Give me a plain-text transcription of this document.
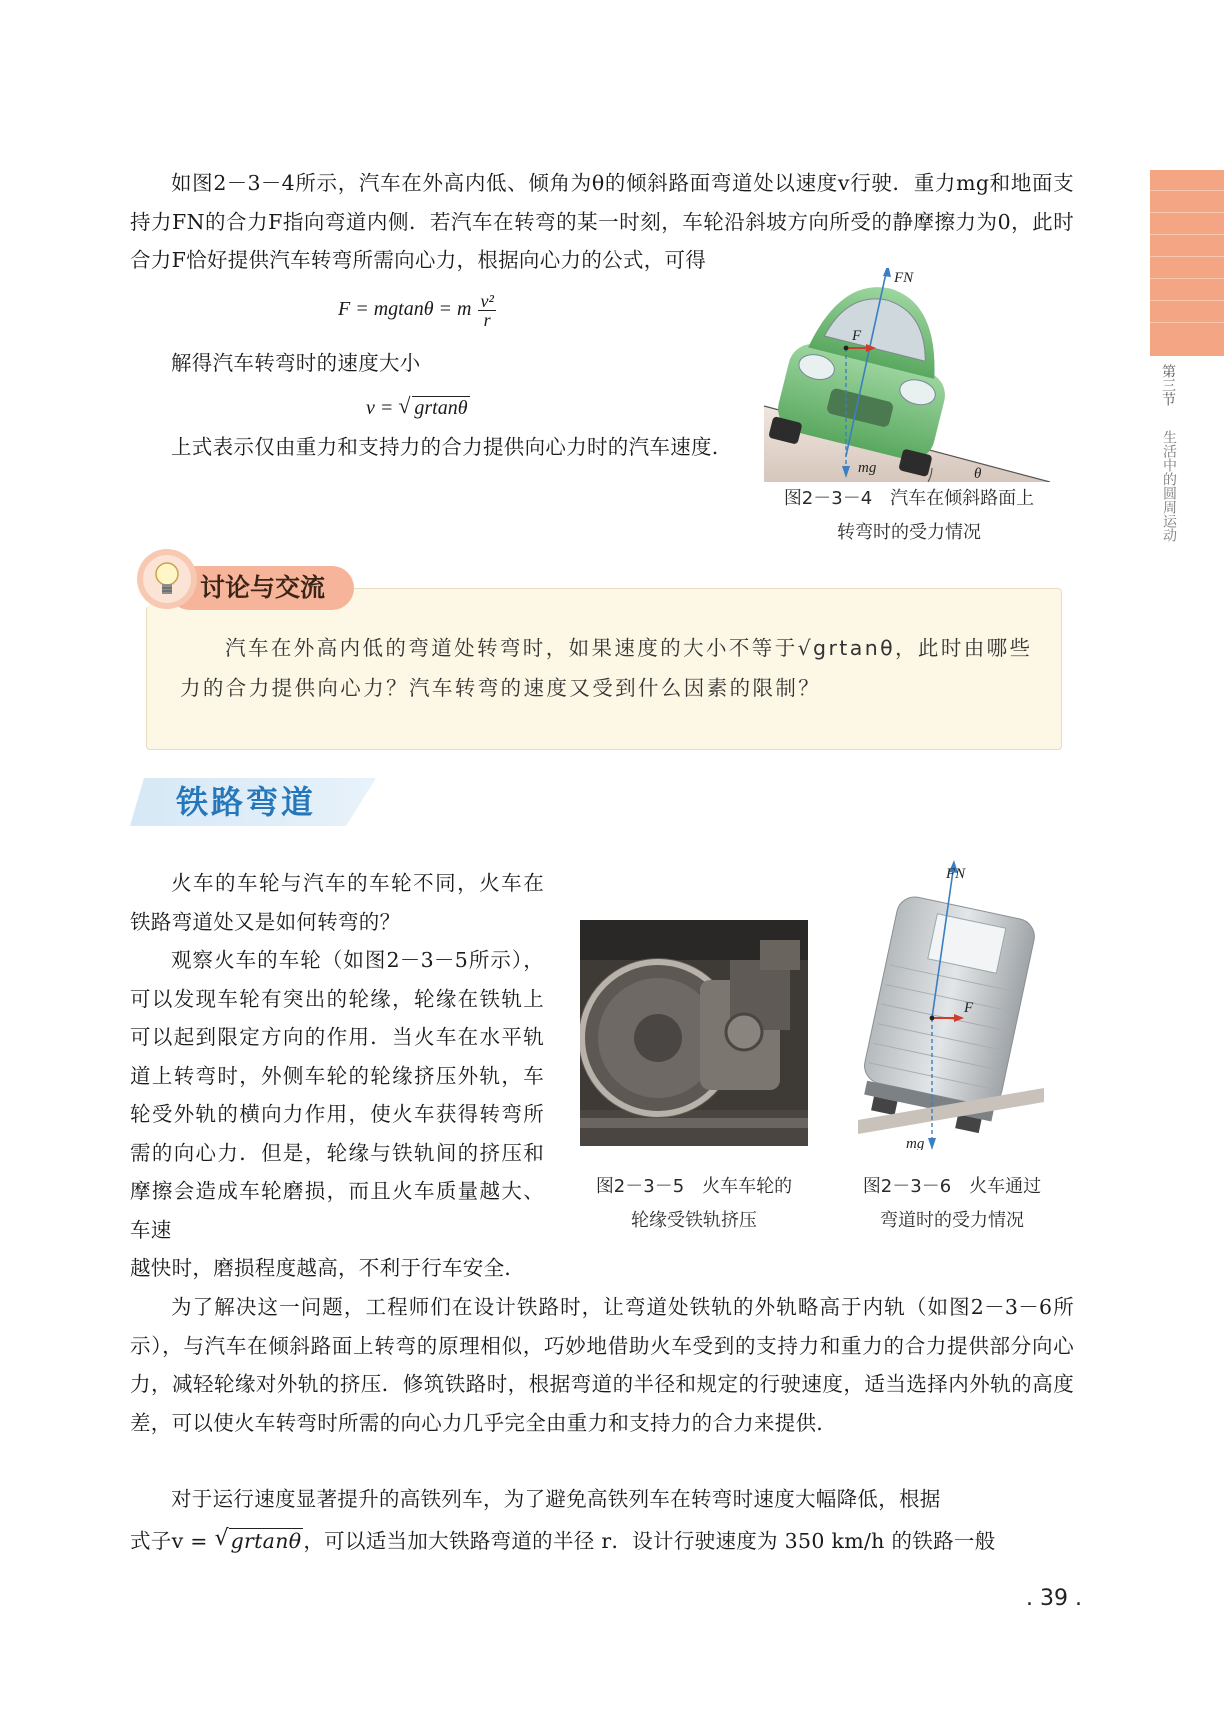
第三节
生活中的圆周运动

如图2－3－4所示，汽车在外高内低、倾角为θ的倾斜路面弯道处以速度v行驶．重力mg和地面支持力FN的合力F指向弯道内侧．若汽车在转弯的某一时刻，车轮沿斜坡方向所受的静摩擦力为0，此时合力F恰好提供汽车转弯所需向心力，根据向心力的公式，可得

F = mgtanθ = m $\frac{\text{v²}}{r}$

解得汽车转弯时的速度大小

v = √ grtanθ

上式表示仅由重力和支持力的合力提供向心力时的汽车速度.

FN
F
mg	θ
图2－3－4　汽车在倾斜路面上
转弯时的受力情况
讨论与交流

汽车在外高内低的弯道处转弯时，如果速度的大小不等于√grtanθ，此时由哪些力的合力提供向心力？汽车转弯的速度又受到什么因素的限制？

铁路弯道

火车的车轮与汽车的车轮不同，火车在铁路弯道处又是如何转弯的？

观察火车的车轮（如图2－3－5所示），可以发现车轮有突出的轮缘，轮缘在铁轨上可以起到限定方向的作用．当火车在水平轨道上转弯时，外侧车轮的轮缘挤压外轨，车轮受外轨的横向力作用，使火车获得转弯所需的向心力．但是，轮缘与铁轨间的挤压和摩擦会造成车轮磨损，而且火车质量越大、车速

越快时，磨损程度越高，不利于行车安全．

FN
F
mg
图2－3－5　火车车轮的
轮缘受铁轨挤压
图2－3－6　火车通过
弯道时的受力情况

为了解决这一问题，工程师们在设计铁路时，让弯道处铁轨的外轨略高于内轨（如图2－3－6所示），与汽车在倾斜路面上转弯的原理相似，巧妙地借助火车受到的支持力和重力的合力提供部分向心力，减轻轮缘对外轨的挤压．修筑铁路时，根据弯道的半径和规定的行驶速度，适当选择内外轨的高度差，可以使火车转弯时所需的向心力几乎完全由重力和支持力的合力来提供．

对于运行速度显著提升的高铁列车，为了避免高铁列车在转弯时速度大幅降低，根据

式子v = √ grtanθ，可以适当加大铁路弯道的半径 r．设计行驶速度为 350 km/h 的铁路一般
. 39 .
